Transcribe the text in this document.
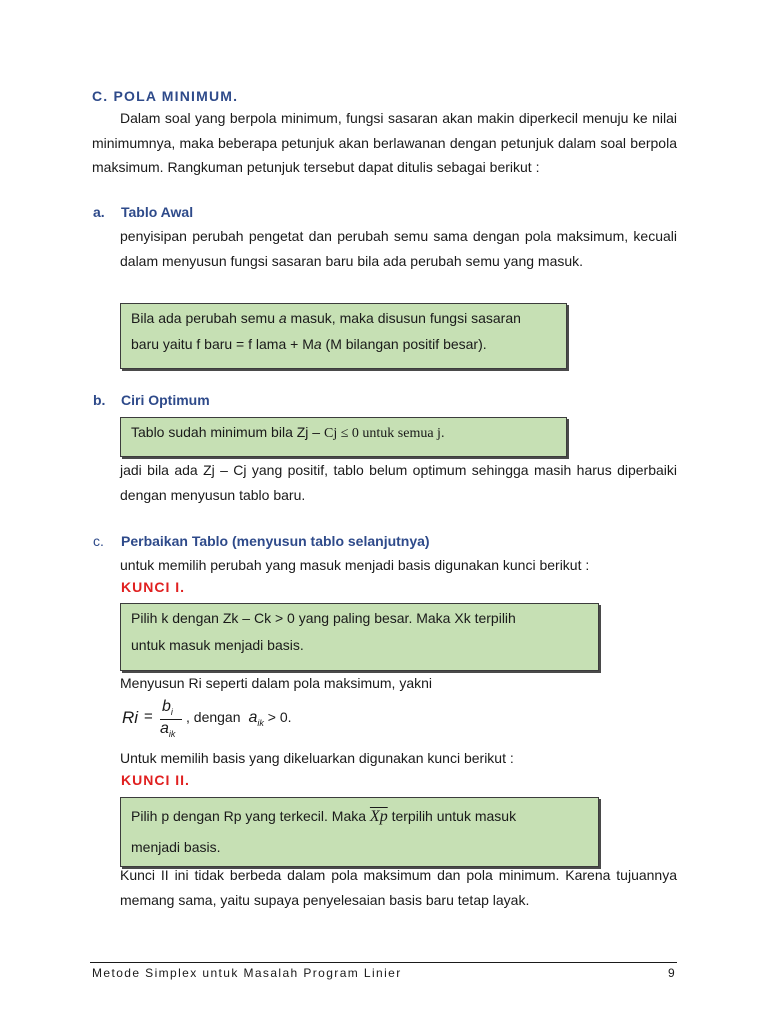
C. POLA MINIMUM.
Dalam soal yang berpola minimum, fungsi sasaran akan makin diperkecil menuju ke nilai minimumnya, maka beberapa petunjuk akan berlawanan dengan petunjuk dalam soal berpola maksimum. Rangkuman petunjuk tersebut dapat ditulis sebagai berikut :
a. Tablo Awal
penyisipan perubah pengetat dan perubah semu sama dengan pola maksimum, kecuali dalam menyusun fungsi sasaran baru bila ada perubah semu yang masuk.
Bila ada perubah semu a masuk, maka disusun fungsi sasaran
baru yaitu f baru = f lama + Ma (M bilangan positif besar).
b. Ciri Optimum
Tablo sudah minimum bila Zj – Cj ≤ 0 untuk semua j.
jadi bila ada Zj – Cj yang positif, tablo belum optimum sehingga masih harus diperbaiki dengan menyusun tablo baru.
c. Perbaikan Tablo (menyusun tablo selanjutnya)
untuk memilih perubah yang masuk menjadi basis digunakan kunci berikut :
KUNCI I.
Pilih k dengan Zk – Ck > 0 yang paling besar. Maka Xk terpilih
untuk masuk menjadi basis.
Menyusun Ri seperti dalam pola maksimum, yakni
Ri =
$b_i$
$a_{ik}$
, dengan $a_{ik} > 0$.
Untuk memilih basis yang dikeluarkan digunakan kunci berikut :
KUNCI II.
Pilih p dengan Rp yang terkecil. Maka $\overline{Xp}$ terpilih untuk masuk
menjadi basis.
Kunci II ini tidak berbeda dalam pola maksimum dan pola minimum. Karena tujuannya memang sama, yaitu supaya penyelesaian basis baru tetap layak.
Metode Simplex untuk Masalah Program Linier	9
